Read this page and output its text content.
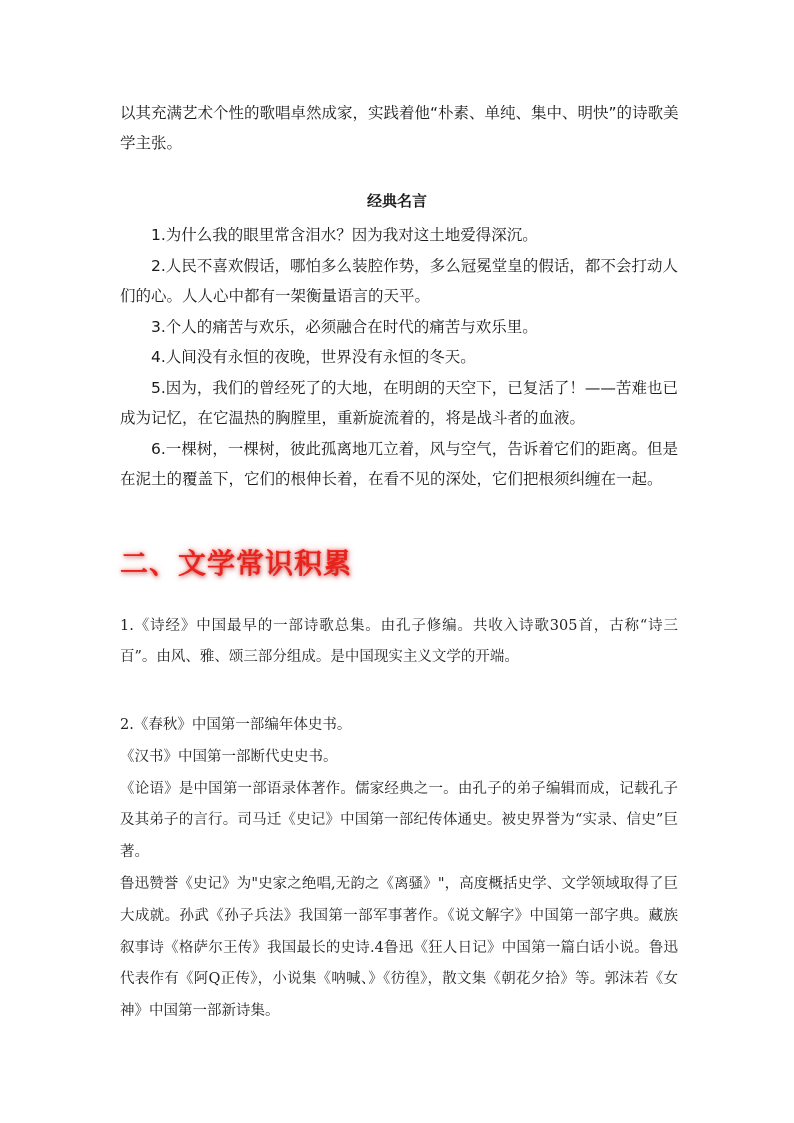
以其充满艺术个性的歌唱卓然成家，实践着他“朴素、单纯、集中、明快”的诗歌美学主张。

经典名言
1.为什么我的眼里常含泪水？因为我对这土地爱得深沉。
2.人民不喜欢假话，哪怕多么装腔作势，多么冠冕堂皇的假话，都不会打动人们的心。人人心中都有一架衡量语言的天平。
3.个人的痛苦与欢乐，必须融合在时代的痛苦与欢乐里。
4.人间没有永恒的夜晚，世界没有永恒的冬天。
5.因为，我们的曾经死了的大地，在明朗的天空下，已复活了！——苦难也已成为记忆，在它温热的胸膛里，重新旋流着的，将是战斗者的血液。
6.一棵树，一棵树，彼此孤离地兀立着，风与空气，告诉着它们的距离。但是在泥土的覆盖下，它们的根伸长着，在看不见的深处，它们把根须纠缠在一起。
二、文学常识积累

1.《诗经》中国最早的一部诗歌总集。由孔子修编。共收入诗歌305首，古称“诗三百”。由风、雅、颂三部分组成。是中国现实主义文学的开端。

2.《春秋》中国第一部编年体史书。

《汉书》中国第一部断代史史书。

《论语》是中国第一部语录体著作。儒家经典之一。由孔子的弟子编辑而成，记载孔子及其弟子的言行。司马迁《史记》中国第一部纪传体通史。被史界誉为“实录、信史”巨著。

鲁迅赞誉《史记》为"史家之绝唱,无韵之《离骚》"，高度概括史学、文学领域取得了巨大成就。孙武《孙子兵法》我国第一部军事著作。《说文解字》中国第一部字典。藏族叙事诗《格萨尔王传》我国最长的史诗.4鲁迅《狂人日记》中国第一篇白话小说。鲁迅代表作有《阿Q正传》，小说集《呐喊、》《彷徨》，散文集《朝花夕拾》等。郭沫若《女神》中国第一部新诗集。
